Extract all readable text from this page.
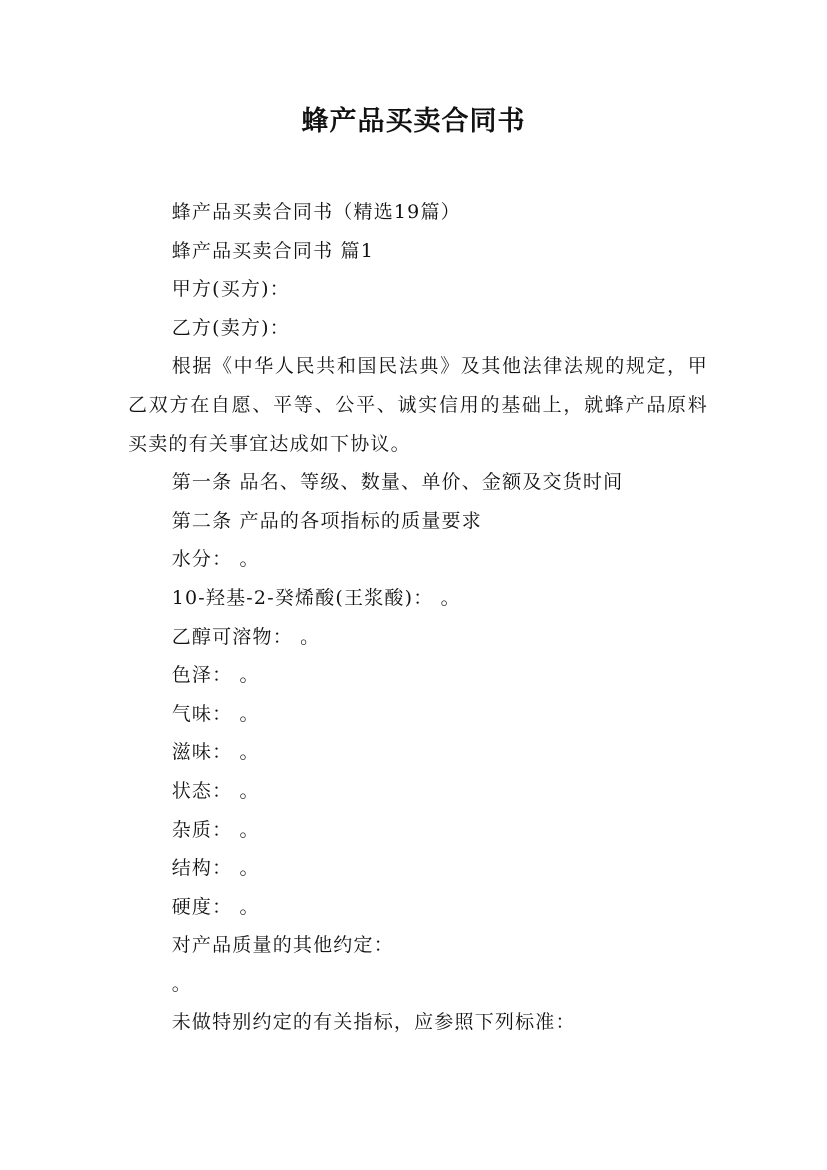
蜂产品买卖合同书

蜂产品买卖合同书（精选19篇）

蜂产品买卖合同书 篇1

甲方(买方)：

乙方(卖方)：

根据《中华人民共和国民法典》及其他法律法规的规定，甲乙双方在自愿、平等、公平、诚实信用的基础上，就蜂产品原料买卖的有关事宜达成如下协议。

第一条 品名、等级、数量、单价、金额及交货时间

第二条 产品的各项指标的质量要求

水分： 。

10-羟基-2-癸烯酸(王浆酸)： 。

乙醇可溶物： 。

色泽： 。

气味： 。

滋味： 。

状态： 。

杂质： 。

结构： 。

硬度： 。

对产品质量的其他约定：

。

未做特别约定的有关指标，应参照下列标准：
